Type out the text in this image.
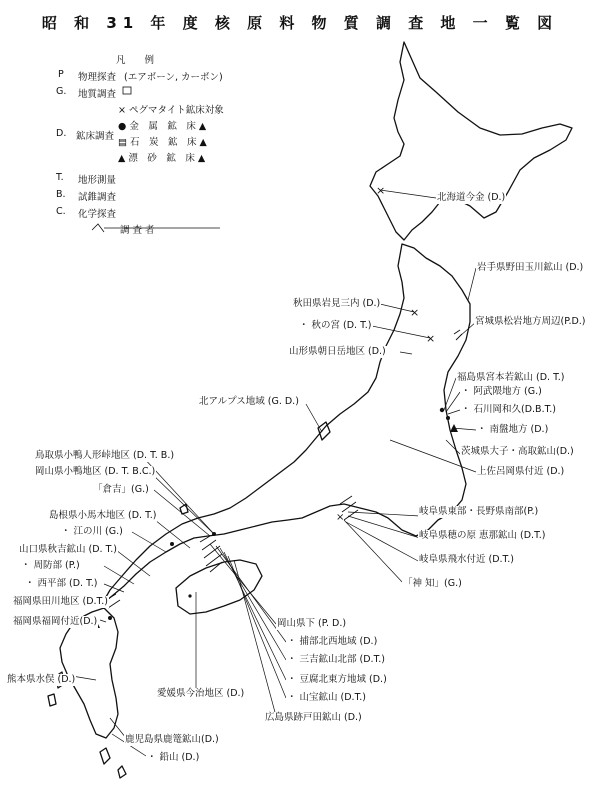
昭 和 31 年 度 核 原 料 物 質 調 査 地 一 覧 図
×
×
×
×
凡　　例
P 物理探査 (エアボーン, カーボン)
G. 地質調査
D. 鉱床調査
× ペグマタイト鉱床対象
● 金　属　鉱　床 ▲
▤ 石　炭　鉱　床 ▲
▲ 漂　砂　鉱　床 ▲
T. 地形測量
B. 試錐調査
C. 化学探査
調 査 者
北海道今金 (D.)
岩手県野田玉川鉱山 (D.)
秋田県岩見三内 (D.)
宮城県松岩地方周辺(P.D.)
・ 秋の宮 (D. T.)
山形県朝日岳地区 (D.)
福島県宮本若鉱山 (D. T.)
・ 阿武隈地方 (G.)
北アルプス地域 (G. D.)
・ 石川岡和久(D.B.T.)
・ 南盤地方 (D.)
茨城県大子・高取鉱山(D.)
上佐呂岡県付近 (D.)
鳥取県小鴨人形峠地区 (D. T. B.)
岡山県小鴨地区 (D. T. B.C.)
「倉吉」(G.)
島根県小馬木地区 (D. T.)
・ 江の川 (G.)
山口県秋吉鉱山 (D. T.)
・ 周防部 (P.)
・ 西平部 (D. T.)
福岡県田川地区 (D.T.)
福岡県福岡付近(D.)
熊本県水俣 (D.)
鹿児島県鹿篭鉱山(D.)
・ 鉛山 (D.)
岐阜県東部・長野県南部(P.)
岐阜県穂の原 恵那鉱山 (D.T.)
岐阜県飛水付近 (D.T.)
「神 知」(G.)
岡山県下 (P. D.)
・ 捕部北西地域 (D.)
・ 三吉鉱山北部 (D.T.)
・ 豆腐北東方地域 (D.)
・ 山宝鉱山 (D.T.)
愛媛県今治地区 (D.)
広島県跡戸田鉱山 (D.)
